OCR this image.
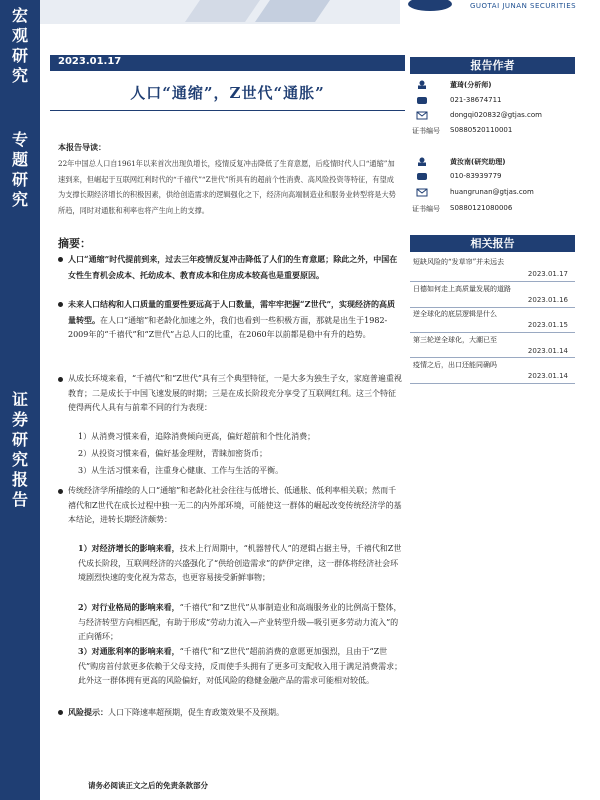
GUOTAI JUNAN SECURITIES
宏
观
研
究
专
题
研
究
证
券
研
究
报
告
2023.01.17
人口“通缩”，Z世代“通胀”
本报告导读：
22年中国总人口自1961年以来首次出现负增长，疫情反复冲击降低了生育意愿，后疫情时代人口“通缩”加速到来，但崛起于互联网红利时代的“千禧代”“Z世代”所具有的超前个性消费、高风险投资等特征，有望成为支撑长期经济增长的积极因素，供给创造需求的逻辑强化之下，经济向高端制造业和服务业转型将是大势所趋，同时对通胀和利率也将产生向上的支撑。
摘要：
人口“通缩”时代提前到来，过去三年疫情反复冲击降低了人们的生育意愿；除此之外，中国在女性生育机会成本、托幼成本、教育成本和住房成本较高也是重要原因。
未来人口结构和人口质量的重要性要远高于人口数量，需牢牢把握“Z世代”，实现经济的高质量转型。在人口“通缩”和老龄化加速之外，我们也看到一些积极方面，那就是出生于1982-2009年的“千禧代”和“Z世代”占总人口的比重，在2060年以前都是稳中有升的趋势。
从成长环境来看，“千禧代”和“Z世代”具有三个典型特征，一是大多为独生子女，家庭普遍重视教育；二是成长于中国飞速发展的时期；三是在成长阶段充分享受了互联网红利。这三个特征使得两代人具有与前辈不同的行为表现：
1）从消费习惯来看，追除消费倾向更高，偏好超前和个性化消费；
2）从投资习惯来看，偏好基金理财，青睐加密货币；
3）从生活习惯来看，注重身心健康、工作与生活的平衡。
传统经济学所描绘的人口“通缩”和老龄化社会往往与低增长、低通胀、低利率相关联；然而千禧代和Z世代在成长过程中独一无二的内外部环境，可能使这一群体的崛起改变传统经济学的基本结论，进转长期经济颇势：
1）对经济增长的影响来看，技术上行周期中，“机器替代人”的逻辑占据主导，千禧代和Z世代成长阶段，互联网经济的兴盛强化了“供给创造需求”的萨伊定律，这一群体将经济社会环境剧烈快速的变化视为常态，也更容易接受新鲜事物；
2）对行业格局的影响来看，“千禧代”和“Z世代”从事制造业和高端服务业的比例高于整体，与经济转型方向相匹配，有助于形成“劳动力流入—产业转型升级—吸引更多劳动力流入”的正向循环；
3）对通胀利率的影响来看，“千禧代”和“Z世代”超前消费的意愿更加强烈，且由于“Z世代”购房首付款更多依赖于父母支持，反而使手头拥有了更多可支配收入用于满足消费需求；此外这一群体拥有更高的风险偏好，对低风险的稳健金融产品的需求可能相对较低。
风险提示：人口下降速率超预期，促生育政策效果不及预期。
报告作者
董琦(分析师)
021-38674711
dongqi020832@gtjas.com
证书编号 S0880520110001
黄汝南(研究助理)
010-83939779
huangrunan@gtjas.com
证书编号 S0880121080006
相关报告
短缺风险的“发草帘”并未远去
2023.01.17
日德如何走上高质量发展的道路
2023.01.16
逆全球化的底层逻辑是什么
2023.01.15
第三轮逆全球化，大潮已至
2023.01.14
疫情之后，出口还能同确吗
2023.01.14
请务必阅读正文之后的免责条款部分
